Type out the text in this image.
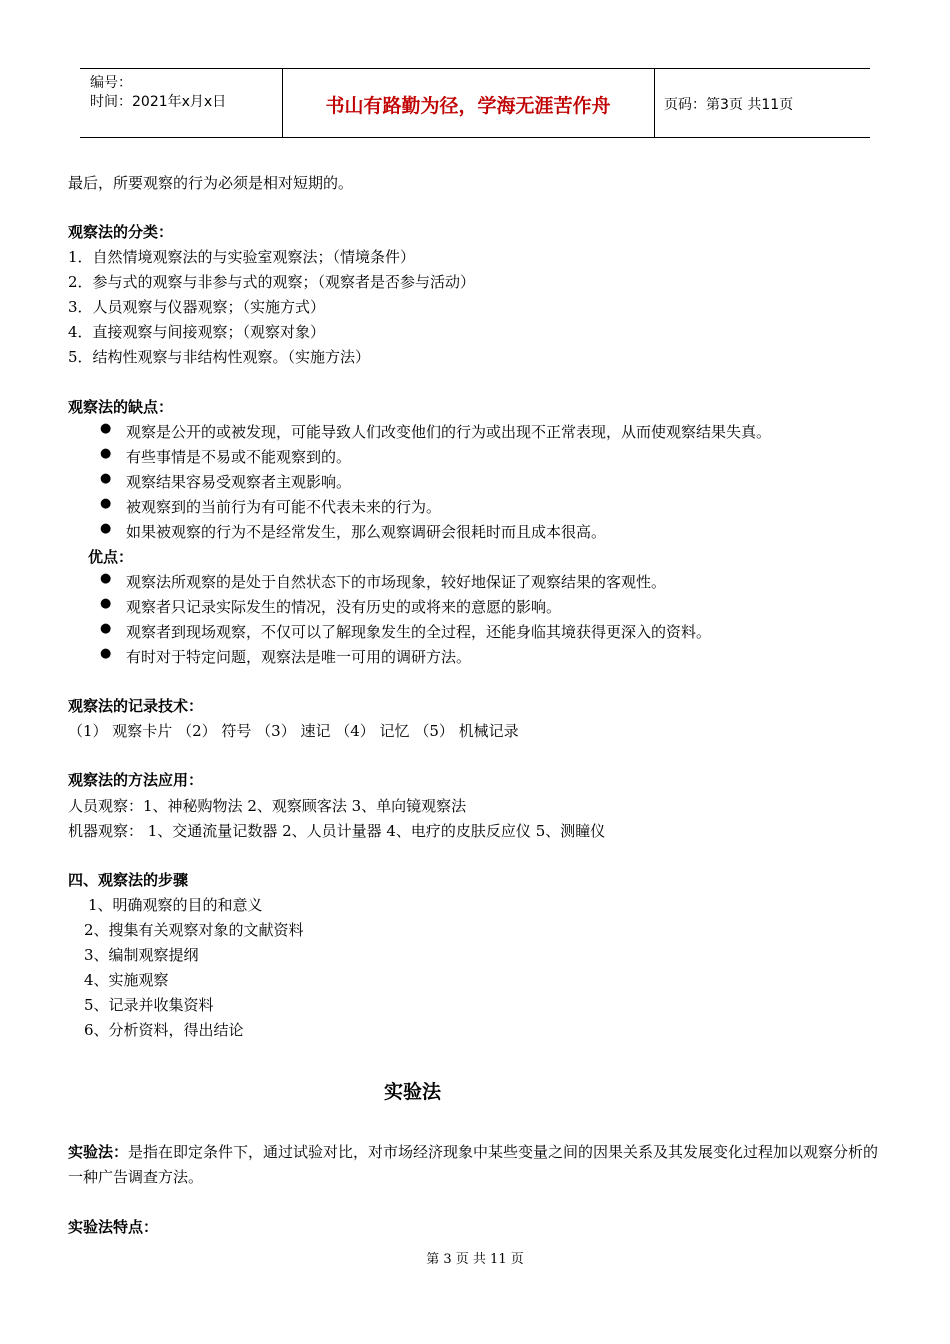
编号：
时间：2021年x月x日	书山有路勤为径，学海无涯苦作舟	页码：第3页 共11页
最后，所要观察的行为必须是相对短期的。
观察法的分类：
1．自然情境观察法的与实验室观察法；（情境条件）
2．参与式的观察与非参与式的观察；（观察者是否参与活动）
3．人员观察与仪器观察；（实施方式）
4．直接观察与间接观察；（观察对象）
5．结构性观察与非结构性观察。（实施方法）
观察法的缺点：
● 观察是公开的或被发现，可能导致人们改变他们的行为或出现不正常表现，从而使观察结果失真。
● 有些事情是不易或不能观察到的。
● 观察结果容易受观察者主观影响。
● 被观察到的当前行为有可能不代表未来的行为。
● 如果被观察的行为不是经常发生，那么观察调研会很耗时而且成本很高。
优点：
● 观察法所观察的是处于自然状态下的市场现象，较好地保证了观察结果的客观性。
● 观察者只记录实际发生的情况，没有历史的或将来的意愿的影响。
● 观察者到现场观察，不仅可以了解现象发生的全过程，还能身临其境获得更深入的资料。
● 有时对于特定问题，观察法是唯一可用的调研方法。
观察法的记录技术：
（1） 观察卡片 （2） 符号 （3） 速记 （4） 记忆 （5） 机械记录
观察法的方法应用：
人员观察：1、神秘购物法 2、观察顾客法 3、单向镜观察法
机器观察： 1、交通流量记数器 2、人员计量器 4、电疗的皮肤反应仪 5、测瞳仪
四、观察法的步骤
1、明确观察的目的和意义
2、搜集有关观察对象的文献资料
3、编制观察提纲
4、实施观察
5、记录并收集资料
6、分析资料，得出结论
实验法
实验法：是指在即定条件下，通过试验对比，对市场经济现象中某些变量之间的因果关系及其发展变化过程加以观察分析的一种广告调查方法。
实验法特点：
第 3 页 共 11 页
